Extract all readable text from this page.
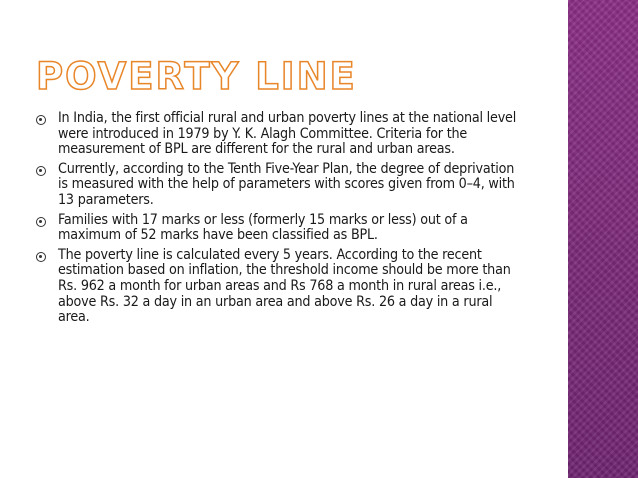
POVERTY LINE
In India, the first official rural and urban poverty lines at the national level were introduced in 1979 by Y. K. Alagh Committee. Criteria for the measurement of BPL are different for the rural and urban areas.
Currently, according to the Tenth Five-Year Plan, the degree of deprivation is measured with the help of parameters with scores given from 0–4, with 13 parameters.
Families with 17 marks or less (formerly 15 marks or less) out of a maximum of 52 marks have been classified as BPL.
The poverty line is calculated every 5 years. According to the recent estimation based on inflation, the threshold income should be more than Rs. 962 a month for urban areas and Rs 768 a month in rural areas i.e., above Rs. 32 a day in an urban area and above Rs. 26 a day in a rural area.
